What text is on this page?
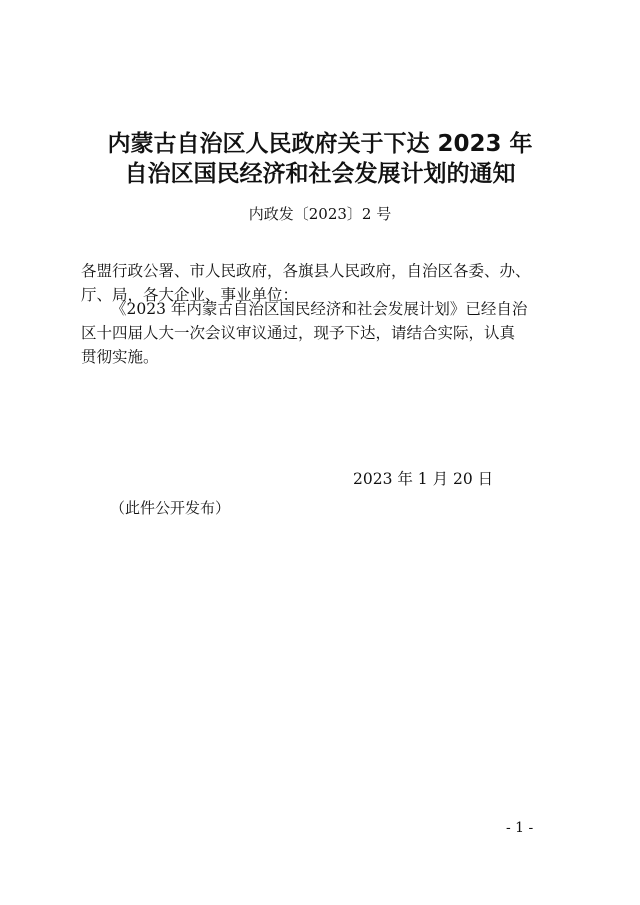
内蒙古自治区人民政府关于下达 2023 年
自治区国民经济和社会发展计划的通知
内政发〔2023〕2 号
各盟行政公署、市人民政府，各旗县人民政府，自治区各委、办、
厅、局，各大企业、事业单位：
《2023 年内蒙古自治区国民经济和社会发展计划》已经自治
区十四届人大一次会议审议通过，现予下达，请结合实际，认真
贯彻实施。
2023 年 1 月 20 日
（此件公开发布）
- 1 -
